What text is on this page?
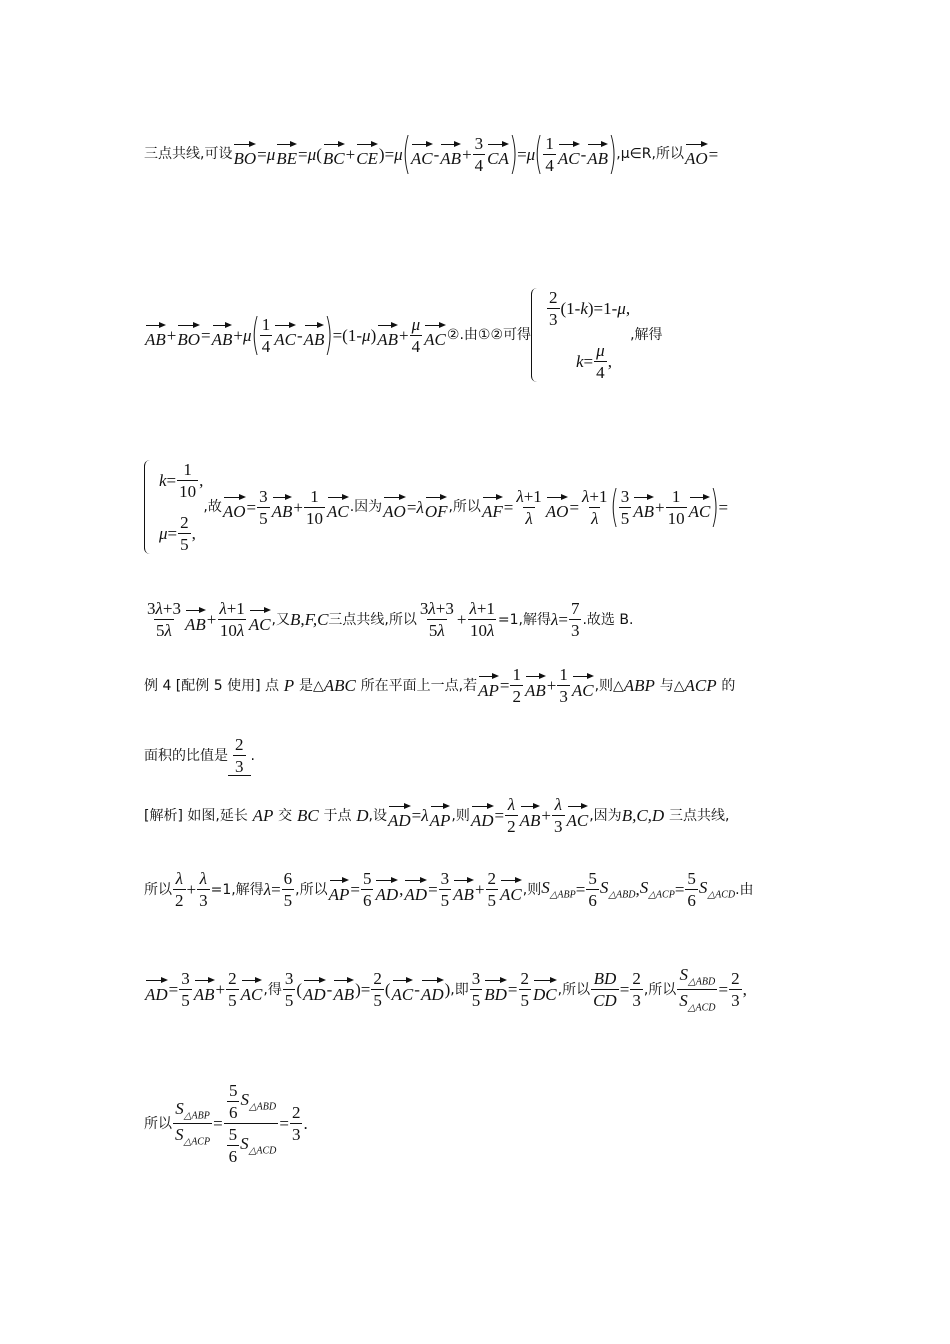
三点共线,可设 BO = μ BE = μ ( BC + CE )= μ ( AC - AB + $\frac{3}{4}$ CA ) = μ ( $\frac{1}{4}$ AC - AB ) ,μ∈R,所以 AO =
AB + BO = AB + μ ( $\frac{1}{4}$ AC - AB ) =(1- μ ) AB + $\frac{\mu}{4}$ AC ②.由①②可得
$\frac{2}{3} (1-$ k )=1- μ ,
$k = \frac{\mu}{4}$ ,
,解得
$k = \frac{1}{10}$ ,
$\mu = \frac{2}{5}$ ,
,故 AO = $\frac{3}{5}$ AB + $\frac{1}{10}$ AC .因为 AO = λ OF ,所以 AF = $\frac{\lambda+1}{\lambda}$ AO = $\frac{\lambda+1}{\lambda}$ ( $\frac{3}{5}$ AB + $\frac{1}{10}$ AC ) =
$\frac{3\lambda+3}{5\lambda}$ AB + $\frac{\lambda+1}{10\lambda}$ AC ,又 B,F,C 三点共线,所以 $\frac{3\lambda+3}{5\lambda} + \frac{\lambda+1}{10\lambda} =1$,解得 $\lambda = \frac{7}{3}$ .故选 B.
例 4 [配例 5 使用] 点
P
是△ ABC
所在平面上一点,若 AP = $\frac{1}{2}$ AB + $\frac{1}{3}$ AC ,则△ ABP
与△ ACP
的
面积的比值是 $\frac{2}{3}$ .
[解析] 如图,延长
AP
交
BC
于点
D ,设 AD = λ AP ,则 AD = $\frac{\lambda}{2}$ AB + $\frac{\lambda}{3}$ AC ,因为 B,C,D
三点共线,
所以 $\frac{\lambda}{2} + \frac{\lambda}{3} =1$,解得 $\lambda = \frac{6}{5}$ ,所以 AP = $\frac{5}{6}$ AD , AD = $\frac{3}{5}$ AB + $\frac{2}{5}$ AC ,则 $S_{\triangle ABP} = \frac{5}{6} S_{\triangle ABD}$ , $S_{\triangle ACP} = \frac{5}{6} S_{\triangle ACD}$ .由
AD = $\frac{3}{5}$ AB + $\frac{2}{5}$ AC ,得 $\frac{3}{5}$ ( AD - AB )= $\frac{2}{5}$ ( AC - AD ) ,即 $\frac{3}{5}$ BD = $\frac{2}{5}$ DC ,所以 $\frac{BD}{CD} = \frac{2}{3}$ ,所以 $\frac{S_{\triangle ABD}}{S_{\triangle ACD}} = \frac{2}{3}$ ,
所以 $\frac{S_{\triangle ABP}}{S_{\triangle ACP}} = \frac{\frac{5}{6} S_{\triangle ABD}}{\frac{5}{6} S_{\triangle ACD}} = \frac{2}{3}$ .
